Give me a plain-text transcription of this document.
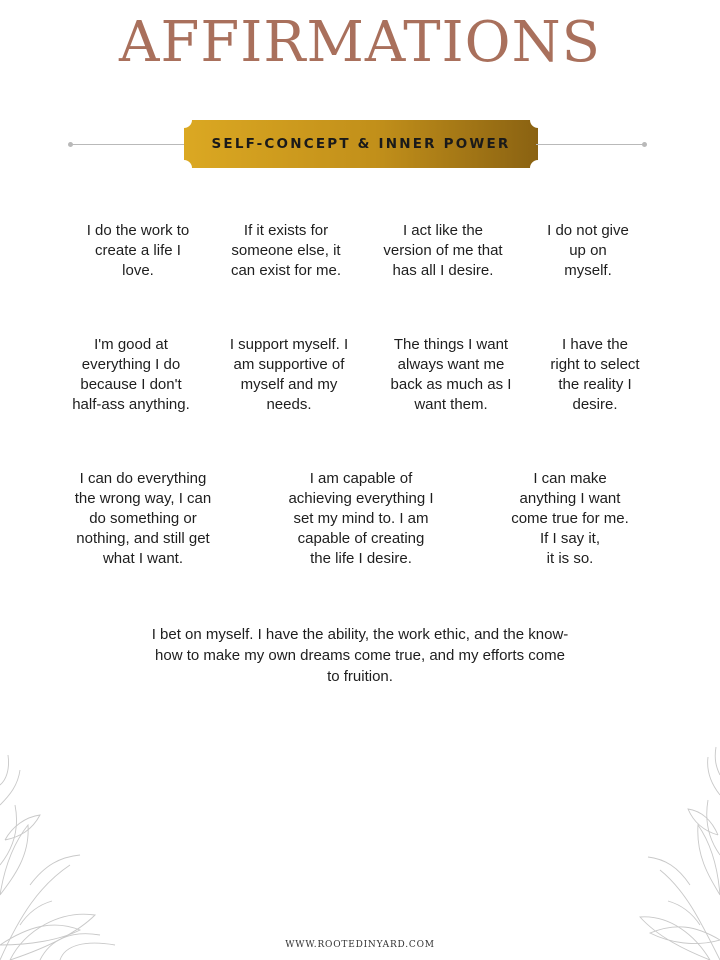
AFFIRMATIONS
SELF-CONCEPT & INNER POWER
I do the work to
create a life I
love.
If it exists for
someone else, it
can exist for me.
I act like the
version of me that
has all I desire.
I do not give
up on
myself.
I'm good at
everything I do
because I don't
half-ass anything.
I support myself. I
am supportive of
myself and my
needs.
The things I want
always want me
back as much as I
want them.
I have the
right to select
the reality I
desire.
I can do everything
the wrong way, I can
do something or
nothing, and still get
what I want.
I am capable of
achieving everything I
set my mind to. I am
capable of creating
the life I desire.
I can make
anything I want
come true for me.
If I say it,
it is so.
I bet on myself. I have the ability, the work ethic, and the know-
how to make my own dreams come true, and my efforts come
to fruition.
WWW.ROOTEDINYARD.COM
